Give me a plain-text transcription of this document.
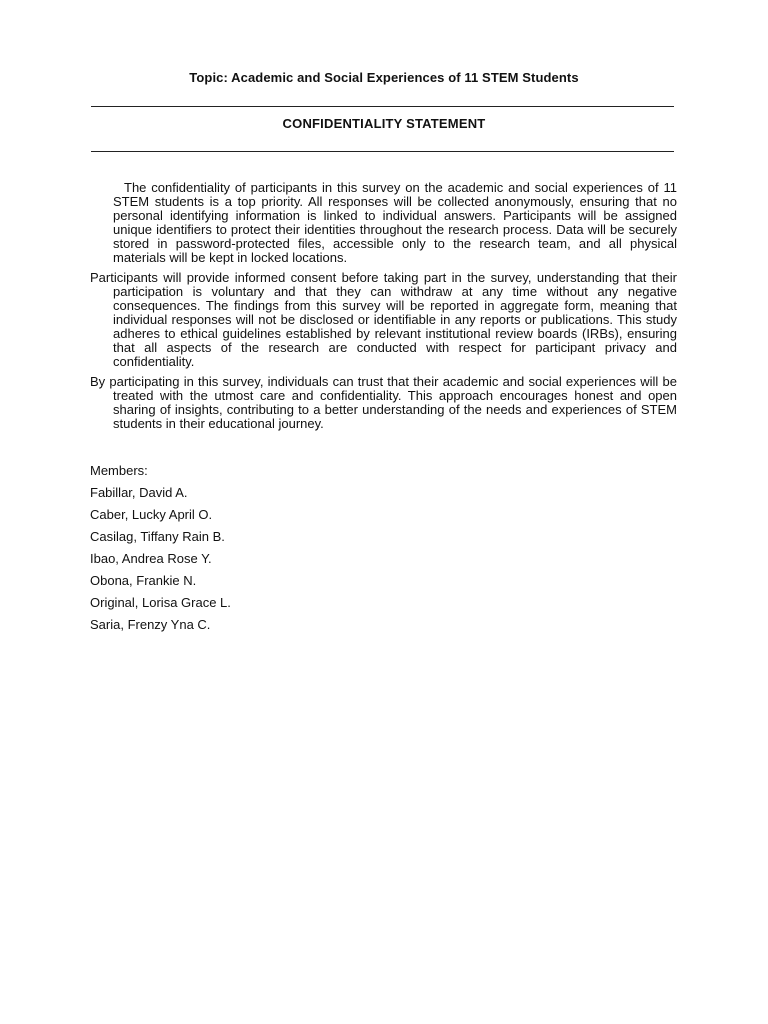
Topic: Academic and Social Experiences of 11 STEM Students
CONFIDENTIALITY STATEMENT

The confidentiality of participants in this survey on the academic and social experiences of 11 STEM students is a top priority. All responses will be collected anonymously, ensuring that no personal identifying information is linked to individual answers. Participants will be assigned unique identifiers to protect their identities throughout the research process. Data will be securely stored in password-protected files, accessible only to the research team, and all physical materials will be kept in locked locations.

Participants will provide informed consent before taking part in the survey, understanding that their participation is voluntary and that they can withdraw at any time without any negative consequences. The findings from this survey will be reported in aggregate form, meaning that individual responses will not be disclosed or identifiable in any reports or publications. This study adheres to ethical guidelines established by relevant institutional review boards (IRBs), ensuring that all aspects of the research are conducted with respect for participant privacy and confidentiality.

By participating in this survey, individuals can trust that their academic and social experiences will be treated with the utmost care and confidentiality. This approach encourages honest and open sharing of insights, contributing to a better understanding of the needs and experiences of STEM students in their educational journey.

Members:
Fabillar, David A.
Caber, Lucky April O.
Casilag, Tiffany Rain B.
Ibao, Andrea Rose Y.
Obona, Frankie N.
Original, Lorisa Grace L.
Saria, Frenzy Yna C.
